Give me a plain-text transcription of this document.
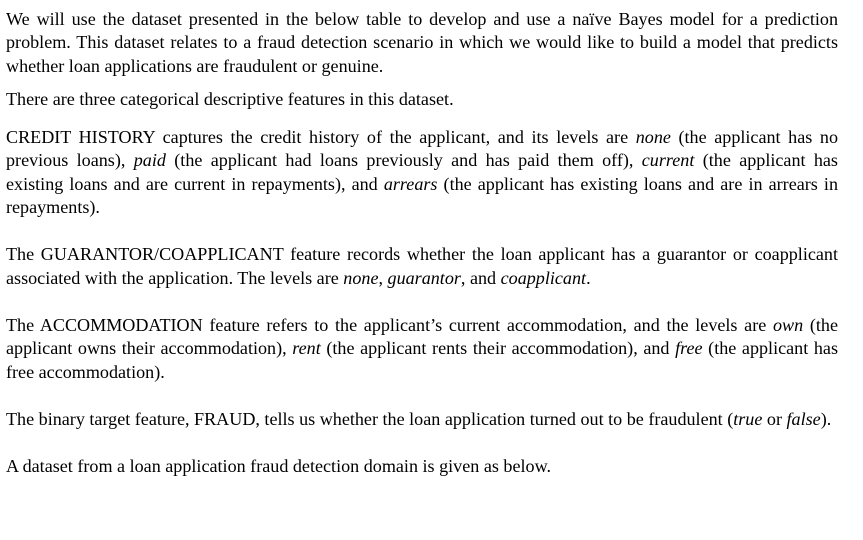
We will use the dataset presented in the below table to develop and use a naïve Bayes model for a prediction problem. This dataset relates to a fraud detection scenario in which we would like to build a model that predicts whether loan applications are fraudulent or genuine.

There are three categorical descriptive features in this dataset.

CREDIT HISTORY captures the credit history of the applicant, and its levels are none (the applicant has no previous loans), paid (the applicant had loans previously and has paid them off), current (the applicant has existing loans and are current in repayments), and arrears (the applicant has existing loans and are in arrears in repayments).

The GUARANTOR/COAPPLICANT feature records whether the loan applicant has a guarantor or coapplicant associated with the application. The levels are none, guarantor, and coapplicant.

The ACCOMMODATION feature refers to the applicant’s current accommodation, and the levels are own (the applicant owns their accommodation), rent (the applicant rents their accommodation), and free (the applicant has free accommodation).

The binary target feature, FRAUD, tells us whether the loan application turned out to be fraudulent (true or false).

A dataset from a loan application fraud detection domain is given as below.
